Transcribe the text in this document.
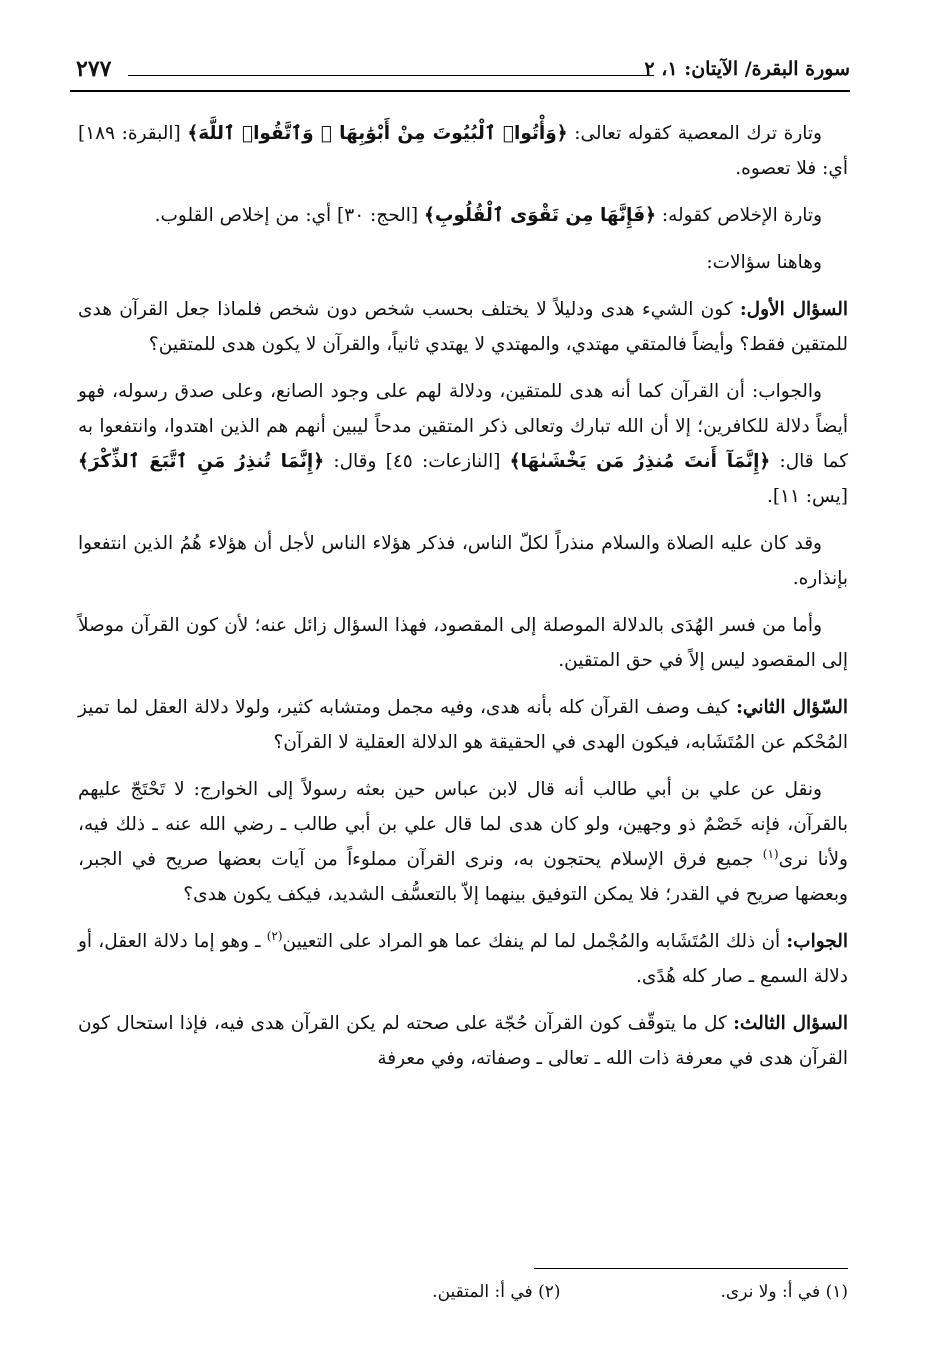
سورة البقرة/ الآيتان: ١، ٢
٢٧٧

وتارة ترك المعصية كقوله تعالى: ﴿وَأْتُوا۟ ٱلْبُيُوتَ مِنْ أَبْوَٰبِهَا ۚ وَٱتَّقُوا۟ ٱللَّهَ﴾ [البقرة: ١٨٩] أي: فلا تعصوه.

وتارة الإخلاص كقوله: ﴿فَإِنَّهَا مِن تَقْوَى ٱلْقُلُوبِ﴾ [الحج: ٣٠] أي: من إخلاص القلوب.

وهاهنا سؤالات:

السؤال الأول: كون الشيء هدى ودليلاً لا يختلف بحسب شخص دون شخص فلماذا جعل القرآن هدى للمتقين فقط؟ وأيضاً فالمتقي مهتدي، والمهتدي لا يهتدي ثانياً، والقرآن لا يكون هدى للمتقين؟

والجواب: أن القرآن كما أنه هدى للمتقين، ودلالة لهم على وجود الصانع، وعلى صدق رسوله، فهو أيضاً دلالة للكافرين؛ إلا أن الله تبارك وتعالى ذكر المتقين مدحاً ليبين أنهم هم الذين اهتدوا، وانتفعوا به كما قال: ﴿إِنَّمَآ أَنتَ مُنذِرُ مَن يَخْشَىٰهَا﴾ [النازعات: ٤٥] وقال: ﴿إِنَّمَا تُنذِرُ مَنِ ٱتَّبَعَ ٱلذِّكْرَ﴾ [يس: ١١].

وقد كان عليه الصلاة والسلام منذراً لكلّ الناس، فذكر هؤلاء الناس لأجل أن هؤلاء هُمُ الذين انتفعوا بإنذاره.

وأما من فسر الهُدَى بالدلالة الموصلة إلى المقصود، فهذا السؤال زائل عنه؛ لأن كون القرآن موصلاً إلى المقصود ليس إلاً في حق المتقين.

السّؤال الثاني: كيف وصف القرآن كله بأنه هدى، وفيه مجمل ومتشابه كثير، ولولا دلالة العقل لما تميز المُحْكم عن المُتَشَابه، فيكون الهدى في الحقيقة هو الدلالة العقلية لا القرآن؟

ونقل عن علي بن أبي طالب أنه قال لابن عباس حين بعثه رسولاً إلى الخوارج: لا تَحْتَجّ عليهم بالقرآن، فإنه خَصْمٌ ذو وجهين، ولو كان هدى لما قال علي بن أبي طالب ـ رضي الله عنه ـ ذلك فيه، ولأنا نرى$^{(١)}$ جميع فرق الإسلام يحتجون به، ونرى القرآن مملوءاً من آيات بعضها صريح في الجبر، وبعضها صريح في القدر؛ فلا يمكن التوفيق بينهما إلاّ بالتعسُّف الشديد، فيكف يكون هدى؟

الجواب: أن ذلك المُتَشَابه والمُجْمل لما لم ينفك عما هو المراد على التعيين$^{(٢)}$ ـ وهو إما دلالة العقل، أو دلالة السمع ـ صار كله هُدًى.

السؤال الثالث: كل ما يتوقّف كون القرآن حُجّة على صحته لم يكن القرآن هدى فيه، فإذا استحال كون القرآن هدى في معرفة ذات الله ـ تعالى ـ وصفاته، وفي معرفة

(١) في أ: ولا نرى.
(٢) في أ: المتقين.
